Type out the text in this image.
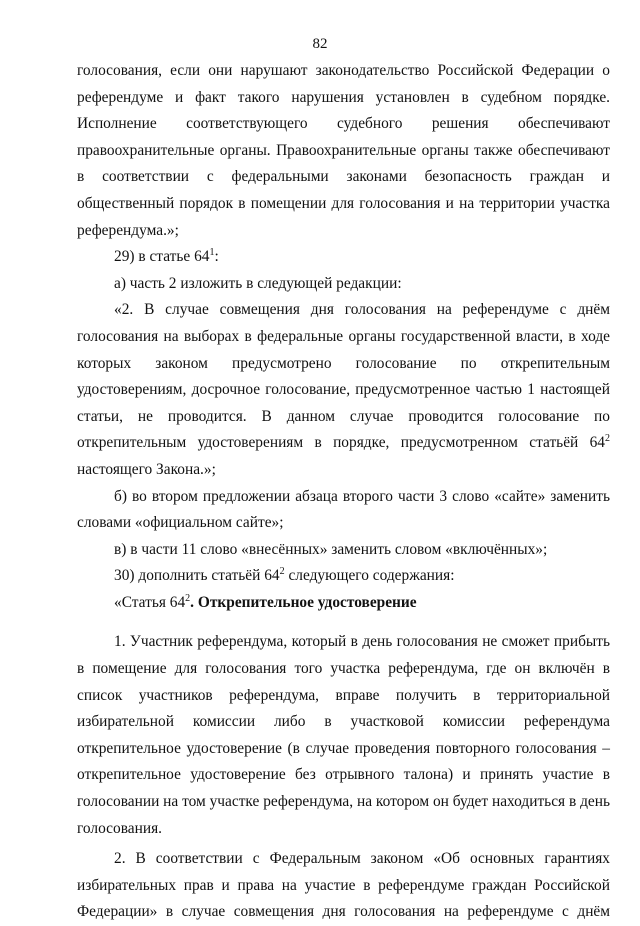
82

голосования, если они нарушают законодательство Российской Федерации о референдуме и факт такого нарушения установлен в судебном порядке. Исполнение соответствующего судебного решения обеспечивают правоохранительные органы. Правоохранительные органы также обеспечивают в соответствии с федеральными законами безопасность граждан и общественный порядок в помещении для голосования и на территории участка референдума.»;

29) в статье $64^1$:

а) часть 2 изложить в следующей редакции:

«2. В случае совмещения дня голосования на референдуме с днём голосования на выборах в федеральные органы государственной власти, в ходе которых законом предусмотрено голосование по открепительным удостоверениям, досрочное голосование, предусмотренное частью 1 настоящей статьи, не проводится. В данном случае проводится голосование по открепительным удостоверениям в порядке, предусмотренном статьёй $64^2$ настоящего Закона.»;

б) во втором предложении абзаца второго части 3 слово «сайте» заменить словами «официальном сайте»;

в) в части 11 слово «внесённых» заменить словом «включённых»;

30) дополнить статьёй $64^2$ следующего содержания:

«Статья $64^2$. Открепительное удостоверение

1. Участник референдума, который в день голосования не сможет прибыть в помещение для голосования того участка референдума, где он включён в список участников референдума, вправе получить в территориальной избирательной комиссии либо в участковой комиссии референдума открепительное удостоверение (в случае проведения повторного голосования – открепительное удостоверение без отрывного талона) и принять участие в голосовании на том участке референдума, на котором он будет находиться в день голосования.

2. В соответствии с Федеральным законом «Об основных гарантиях избирательных прав и права на участие в референдуме граждан Российской Федерации» в случае совмещения дня голосования на референдуме с днём
